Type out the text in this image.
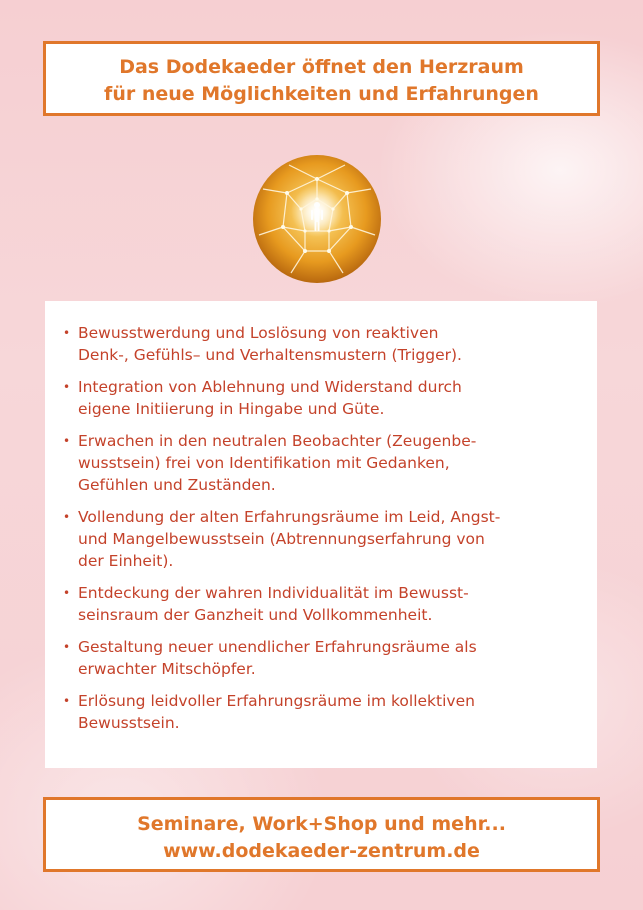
Das Dodekaeder öffnet den Herzraum
für neue Möglichkeiten und Erfahrungen
• Bewusstwerdung und Loslösung von reaktiven
Denk-, Gefühls– und Verhaltensmustern (Trigger).
• Integration von Ablehnung und Widerstand durch
eigene Initiierung in Hingabe und Güte.
• Erwachen in den neutralen Beobachter (Zeugenbe-
wusstsein) frei von Identifikation mit Gedanken,
Gefühlen und Zuständen.
• Vollendung der alten Erfahrungsräume im Leid, Angst-
und Mangelbewusstsein (Abtrennungserfahrung von
der Einheit).
• Entdeckung der wahren Individualität im Bewusst-
seinsraum der Ganzheit und Vollkommenheit.
• Gestaltung neuer unendlicher Erfahrungsräume als
erwachter Mitschöpfer.
• Erlösung leidvoller Erfahrungsräume im kollektiven
Bewusstsein.
Seminare, Work+Shop und mehr...
www.dodekaeder-zentrum.de
